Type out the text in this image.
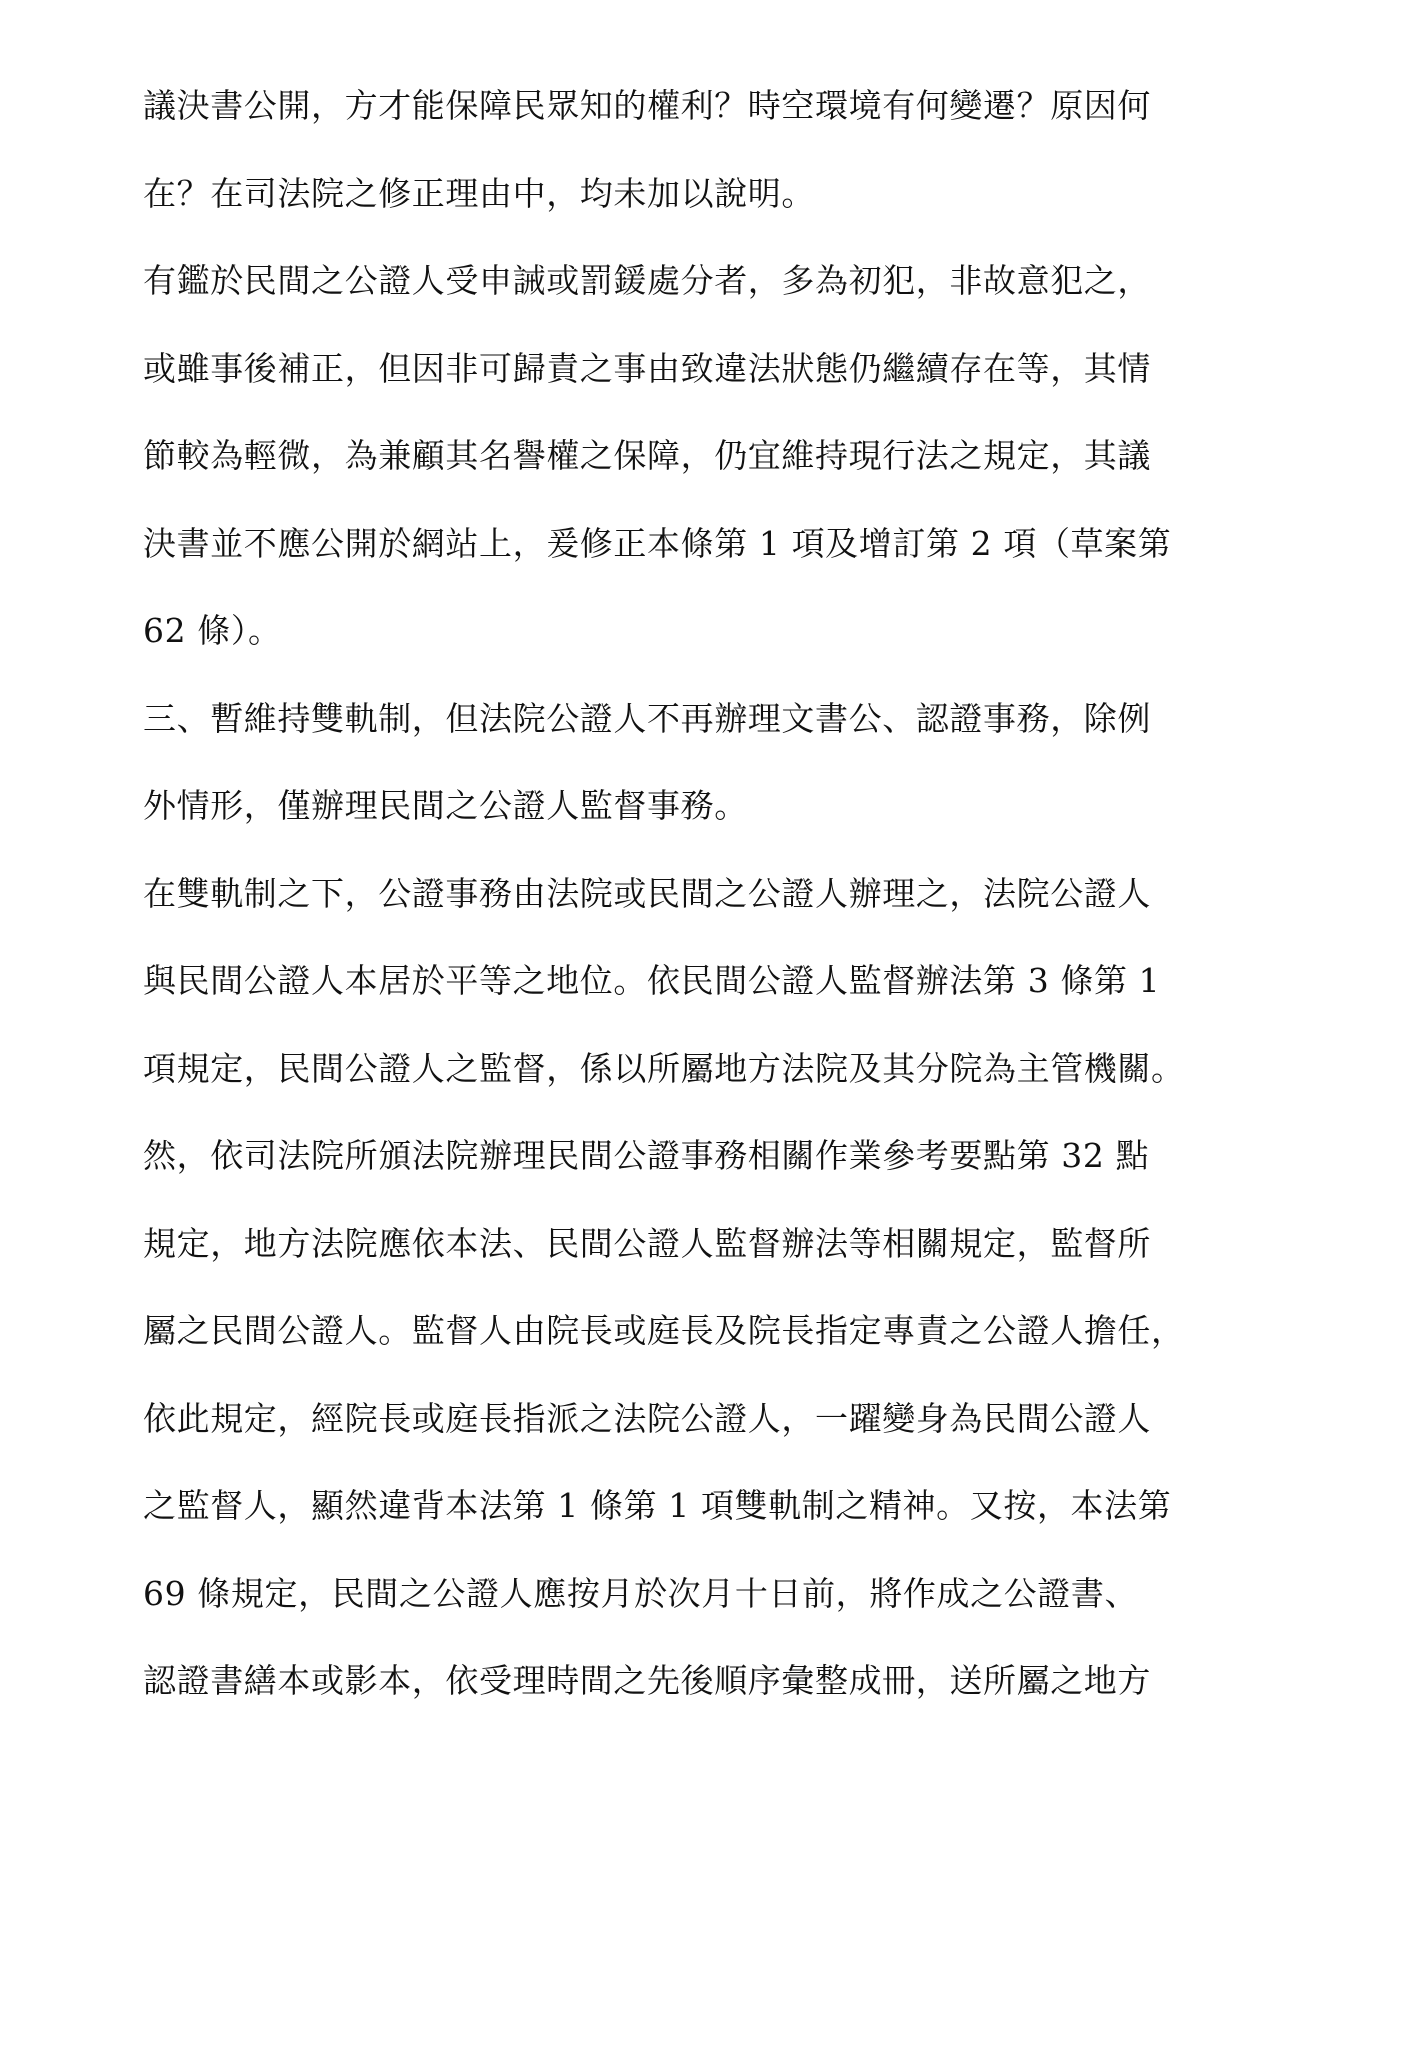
議決書公開，方才能保障民眾知的權利？時空環境有何變遷？原因何
在？在司法院之修正理由中，均未加以說明。
有鑑於民間之公證人受申誡或罰鍰處分者，多為初犯，非故意犯之，
或雖事後補正，但因非可歸責之事由致違法狀態仍繼續存在等，其情
節較為輕微，為兼顧其名譽權之保障，仍宜維持現行法之規定，其議
決書並不應公開於網站上，爰修正本條第 1 項及增訂第 2 項（草案第
62 條）。
三、暫維持雙軌制，但法院公證人不再辦理文書公、認證事務，除例
外情形，僅辦理民間之公證人監督事務。
在雙軌制之下，公證事務由法院或民間之公證人辦理之，法院公證人
與民間公證人本居於平等之地位。依民間公證人監督辦法第 3 條第 1
項規定，民間公證人之監督，係以所屬地方法院及其分院為主管機關。
然，依司法院所頒法院辦理民間公證事務相關作業參考要點第 32 點
規定，地方法院應依本法、民間公證人監督辦法等相關規定，監督所
屬之民間公證人。監督人由院長或庭長及院長指定專責之公證人擔任，
依此規定，經院長或庭長指派之法院公證人，一躍變身為民間公證人
之監督人，顯然違背本法第 1 條第 1 項雙軌制之精神。又按，本法第
69 條規定，民間之公證人應按月於次月十日前，將作成之公證書、
認證書繕本或影本，依受理時間之先後順序彙整成冊，送所屬之地方
